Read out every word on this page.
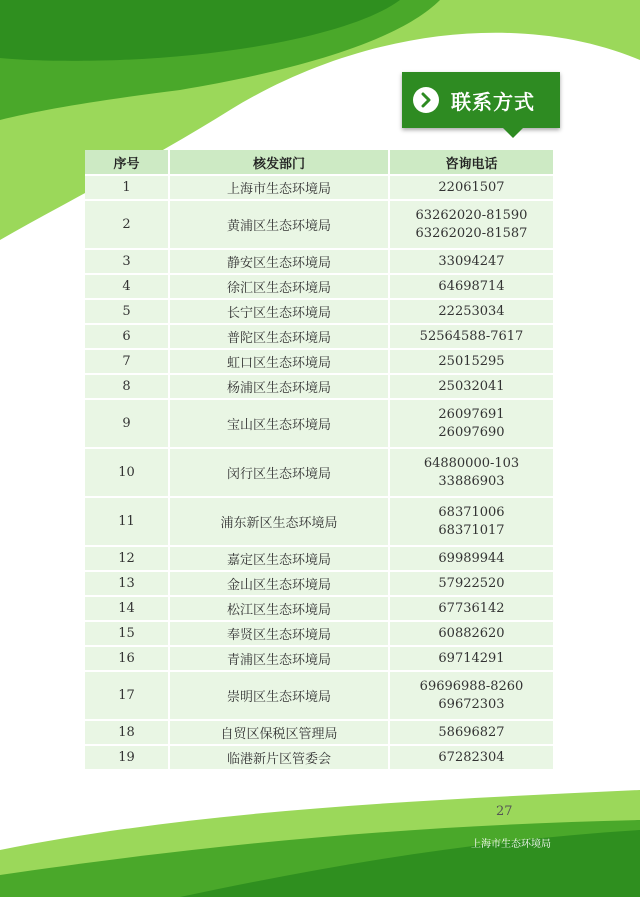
联系方式
序号	核发部门	咨询电话
1	上海市生态环境局	22061507

2	黄浦区生态环境局	63262020-81590
63262020-81587

3	静安区生态环境局	33094247

4	徐汇区生态环境局	64698714

5	长宁区生态环境局	22253034

6	普陀区生态环境局	52564588-7617

7	虹口区生态环境局	25015295

8	杨浦区生态环境局	25032041

9	宝山区生态环境局	26097691
26097690

10	闵行区生态环境局	64880000-103
33886903

11	浦东新区生态环境局	68371006
68371017

12	嘉定区生态环境局	69989944

13	金山区生态环境局	57922520

14	松江区生态环境局	67736142

15	奉贤区生态环境局	60882620

16	青浦区生态环境局	69714291

17	崇明区生态环境局	69696988-8260
69672303

18	自贸区保税区管理局	58696827

19	临港新片区管委会	67282304
27
上海市生态环境局
